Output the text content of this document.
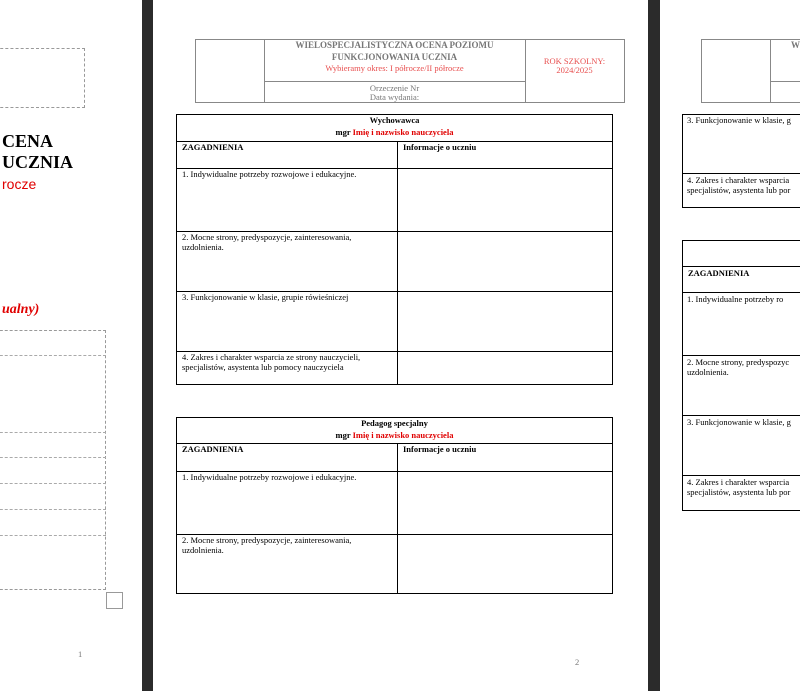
CENA
UCZNIA
rocze
ualny)
1
WIELOSPECJALISTYCZNA OCENA POZIOMU
FUNKCJONOWANIA UCZNIA
Wybieramy okres: I półrocze/II półrocze
Orzeczenie Nr
Data wydania:
ROK SZKOLNY:
2024/2025
Wychowawca
mgr Imię i nazwisko nauczyciela
ZAGADNIENIA	Informacje o uczniu
1. Indywidualne potrzeby rozwojowe i edukacyjne.
2. Mocne strony, predyspozycje, zainteresowania, uzdolnienia.
3. Funkcjonowanie w klasie, grupie rówieśniczej
4. Zakres i charakter wsparcia ze strony nauczycieli, specjalistów, asystenta lub pomocy nauczyciela
Pedagog specjalny
mgr Imię i nazwisko nauczyciela
ZAGADNIENIA	Informacje o uczniu
1. Indywidualne potrzeby rozwojowe i edukacyjne.
2. Mocne strony, predyspozycje, zainteresowania, uzdolnienia.
2
W
3. Funkcjonowanie w klasie, g
4. Zakres i charakter wsparcia
specjalistów, asystenta lub por
ZAGADNIENIA
1. Indywidualne potrzeby ro
2. Mocne strony, predyspozyc
uzdolnienia.
3. Funkcjonowanie w klasie, g
4. Zakres i charakter wsparcia
specjalistów, asystenta lub por
